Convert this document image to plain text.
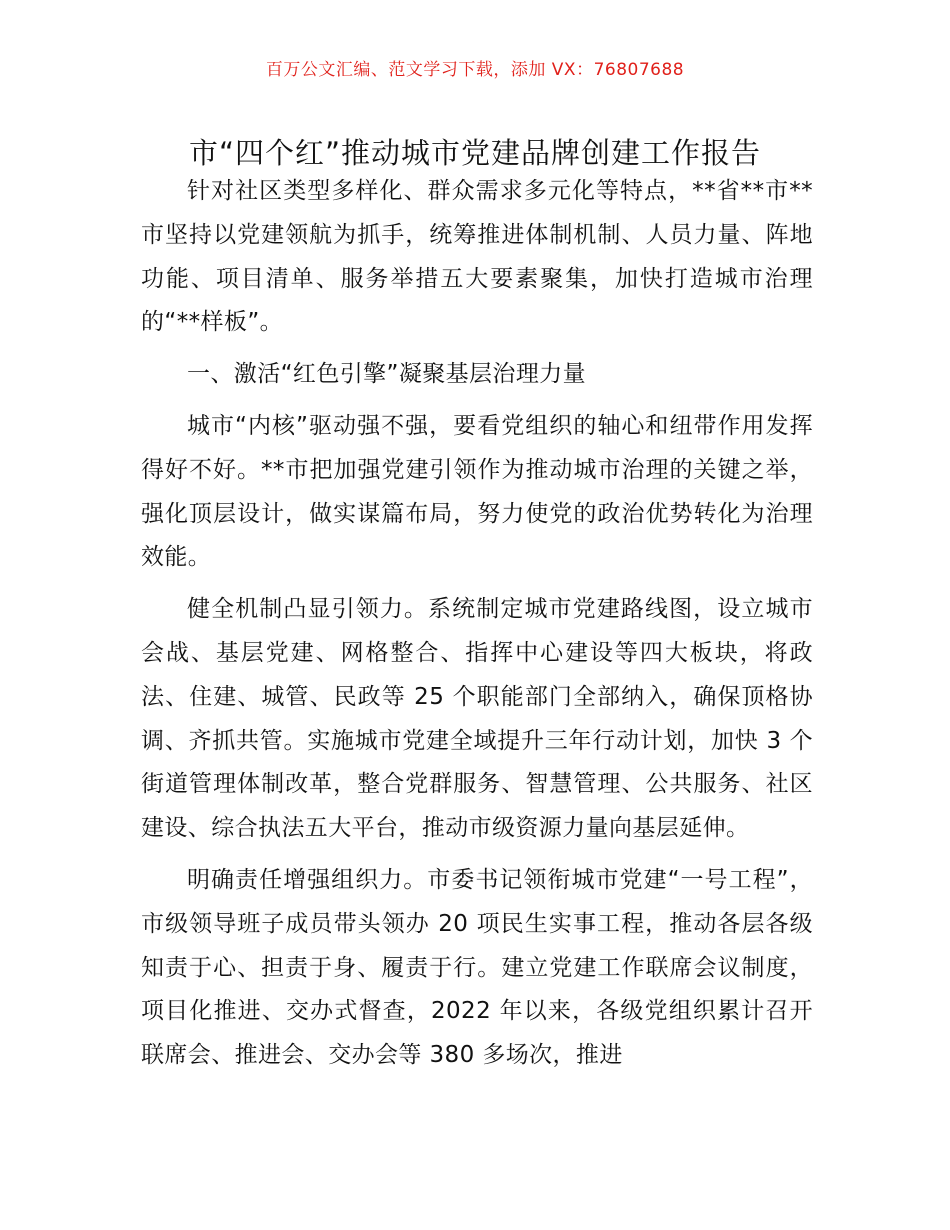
百万公文汇编、范文学习下载，添加 VX：76807688
市“四个红”推动城市党建品牌创建工作报告

针对社区类型多样化、群众需求多元化等特点，**省**市**市坚持以党建领航为抓手，统筹推进体制机制、人员力量、阵地功能、项目清单、服务举措五大要素聚集，加快打造城市治理的“**样板”。

一、激活“红色引擎”凝聚基层治理力量

城市“内核”驱动强不强，要看党组织的轴心和纽带作用发挥得好不好。**市把加强党建引领作为推动城市治理的关键之举，强化顶层设计，做实谋篇布局，努力使党的政治优势转化为治理效能。

健全机制凸显引领力。系统制定城市党建路线图，设立城市会战、基层党建、网格整合、指挥中心建设等四大板块，将政法、住建、城管、民政等 25 个职能部门全部纳入，确保顶格协调、齐抓共管。实施城市党建全域提升三年行动计划，加快 3 个街道管理体制改革，整合党群服务、智慧管理、公共服务、社区建设、综合执法五大平台，推动市级资源力量向基层延伸。

明确责任增强组织力。市委书记领衔城市党建“一号工程”，市级领导班子成员带头领办 20 项民生实事工程，推动各层各级知责于心、担责于身、履责于行。建立党建工作联席会议制度，项目化推进、交办式督查，2022 年以来，各级党组织累计召开联席会、推进会、交办会等 380 多场次，推进
